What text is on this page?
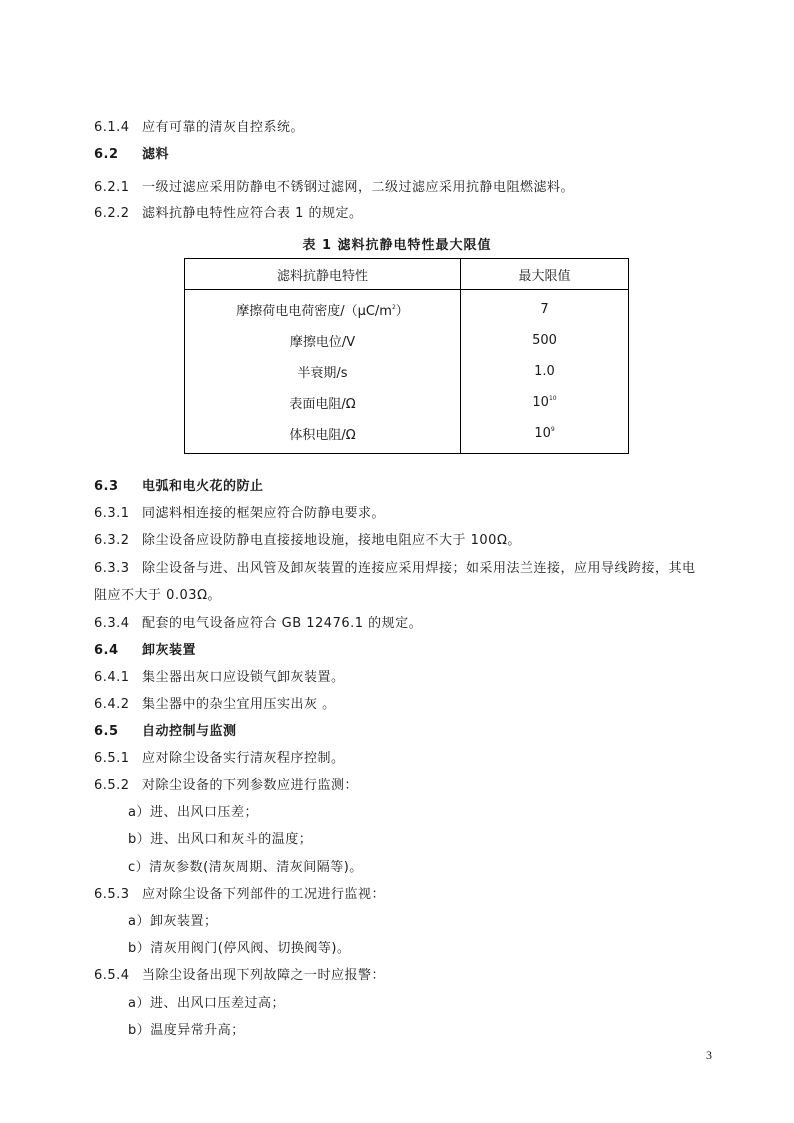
6.1.4 应有可靠的清灰自控系统。
6.2 滤料
6.2.1 一级过滤应采用防静电不锈钢过滤网，二级过滤应采用抗静电阻燃滤料。
6.2.2 滤料抗静电特性应符合表 1 的规定。
表 1 滤料抗静电特性最大限值
滤料抗静电特性	最大限值
摩擦荷电电荷密度$/(\mu C/m^2)$	7
摩擦电位/V	500
半衰期/s	1.0
表面电阻/Ω	$10^{10}$
体积电阻/Ω	$10^9$
6.3 电弧和电火花的防止
6.3.1 同滤料相连接的框架应符合防静电要求。
6.3.2 除尘设备应设防静电直接接地设施，接地电阻应不大于 100Ω。
6.3.3 除尘设备与进、出风管及卸灰装置的连接应采用焊接；如采用法兰连接，应用导线跨接，其电
阻应不大于 0.03Ω。
6.3.4 配套的电气设备应符合 GB 12476.1 的规定。
6.4 卸灰装置
6.4.1 集尘器出灰口应设锁气卸灰装置。
6.4.2 集尘器中的杂尘宜用压实出灰 。
6.5 自动控制与监测
6.5.1 应对除尘设备实行清灰程序控制。
6.5.2 对除尘设备的下列参数应进行监测：
a）进、出风口压差；
b）进、出风口和灰斗的温度；
c）清灰参数(清灰周期、清灰间隔等)。
6.5.3 应对除尘设备下列部件的工况进行监视：
a）卸灰装置；
b）清灰用阀门(停风阀、切换阀等)。
6.5.4 当除尘设备出现下列故障之一时应报警：
a）进、出风口压差过高；
b）温度异常升高；
3
